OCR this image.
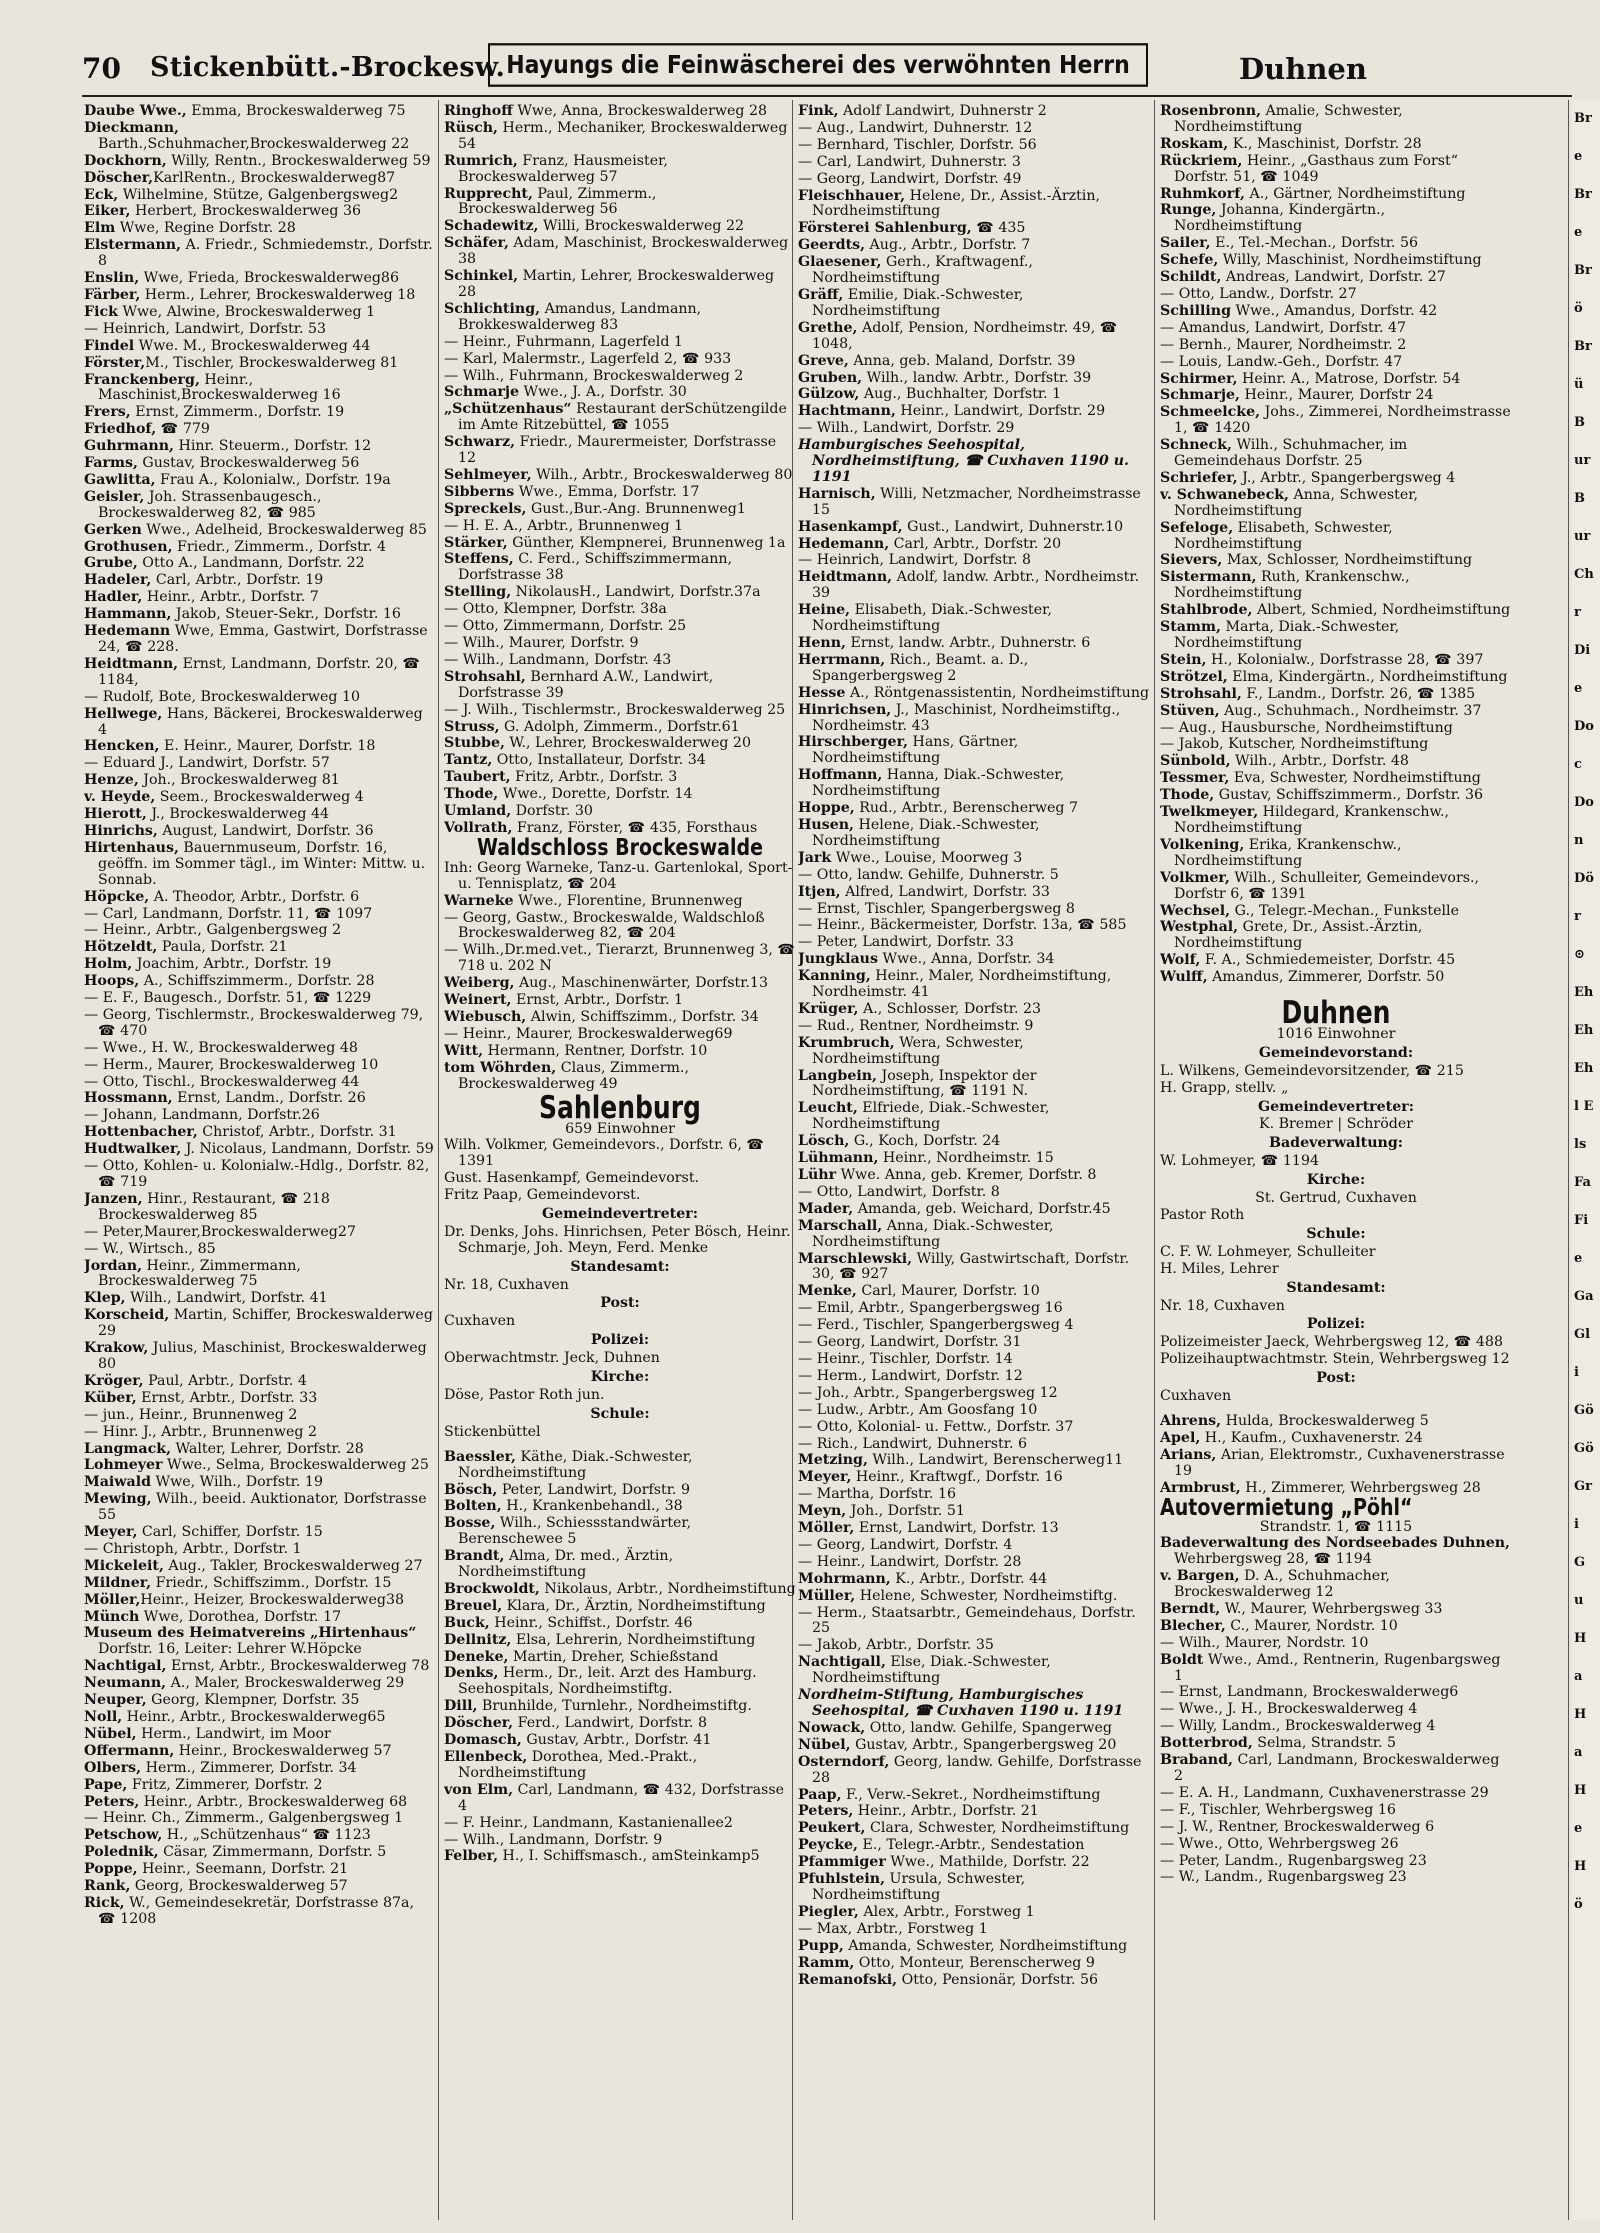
70 Stickenbütt.-Brockesw. Hayungs die Feinwäscherei des verwöhnten Herrn	Duhnen
Daube Wwe., Emma, Brockeswalderweg 75
Dieckmann, Barth.,Schuhmacher,Brockeswalderweg 22
Dockhorn, Willy, Rentn., Brockeswalderweg 59
Döscher,KarlRentn., Brockeswalderweg87
Eck, Wilhelmine, Stütze, Galgenbergsweg2
Eiker, Herbert, Brockeswalderweg 36
Elm Wwe, Regine Dorfstr. 28
Elstermann, A. Friedr., Schmiedemstr., Dorfstr. 8
Enslin, Wwe, Frieda, Brockeswalderweg86
Färber, Herm., Lehrer, Brockeswalderweg 18
Fick Wwe, Alwine, Brockeswalderweg 1
— Heinrich, Landwirt, Dorfstr. 53
Findel Wwe. M., Brockeswalderweg 44
Förster,M., Tischler, Brockeswalderweg 81
Franckenberg, Heinr., Maschinist,Brockeswalderweg 16
Frers, Ernst, Zimmerm., Dorfstr. 19
Friedhof, ☎ 779
Guhrmann, Hinr. Steuerm., Dorfstr. 12
Farms, Gustav, Brockeswalderweg 56
Gawlitta, Frau A., Kolonialw., Dorfstr. 19a
Geisler, Joh. Strassenbaugesch., Brockeswalderweg 82, ☎ 985
Gerken Wwe., Adelheid, Brockeswalderweg 85
Grothusen, Friedr., Zimmerm., Dorfstr. 4
Grube, Otto A., Landmann, Dorfstr. 22
Hadeler, Carl, Arbtr., Dorfstr. 19
Hadler, Heinr., Arbtr., Dorfstr. 7
Hammann, Jakob, Steuer-Sekr., Dorfstr. 16
Hedemann Wwe, Emma, Gastwirt, Dorfstrasse 24, ☎ 228.
Heidtmann, Ernst, Landmann, Dorfstr. 20, ☎ 1184,
— Rudolf, Bote, Brockeswalderweg 10
Hellwege, Hans, Bäckerei, Brockeswalderweg 4
Hencken, E. Heinr., Maurer, Dorfstr. 18
— Eduard J., Landwirt, Dorfstr. 57
Henze, Joh., Brockeswalderweg 81
v. Heyde, Seem., Brockeswalderweg 4
Hierott, J., Brockeswalderweg 44
Hinrichs, August, Landwirt, Dorfstr. 36
Hirtenhaus, Bauernmuseum, Dorfstr. 16, geöffn. im Sommer tägl., im Winter: Mittw. u. Sonnab.
Höpcke, A. Theodor, Arbtr., Dorfstr. 6
— Carl, Landmann, Dorfstr. 11, ☎ 1097
— Heinr., Arbtr., Galgenbergsweg 2
Hötzeldt, Paula, Dorfstr. 21
Holm, Joachim, Arbtr., Dorfstr. 19
Hoops, A., Schiffszimmerm., Dorfstr. 28
— E. F., Baugesch., Dorfstr. 51, ☎ 1229
— Georg, Tischlermstr., Brockeswalderweg 79, ☎ 470
— Wwe., H. W., Brockeswalderweg 48
— Herm., Maurer, Brockeswalderweg 10
— Otto, Tischl., Brockeswalderweg 44
Hossmann, Ernst, Landm., Dorfstr. 26
— Johann, Landmann, Dorfstr.26
Hottenbacher, Christof, Arbtr., Dorfstr. 31
Hudtwalker, J. Nicolaus, Landmann, Dorfstr. 59
— Otto, Kohlen- u. Kolonialw.-Hdlg., Dorfstr. 82, ☎ 719
Janzen, Hinr., Restaurant, ☎ 218 Brockeswalderweg 85
— Peter,Maurer,Brockeswalderweg27
— W., Wirtsch., 85
Jordan, Heinr., Zimmermann, Brockeswalderweg 75
Klep, Wilh., Landwirt, Dorfstr. 41
Korscheid, Martin, Schiffer, Brockeswalderweg 29
Krakow, Julius, Maschinist, Brockeswalderweg 80
Kröger, Paul, Arbtr., Dorfstr. 4
Küber, Ernst, Arbtr., Dorfstr. 33
— jun., Heinr., Brunnenweg 2
— Hinr. J., Arbtr., Brunnenweg 2
Langmack, Walter, Lehrer, Dorfstr. 28
Lohmeyer Wwe., Selma, Brockeswalderweg 25
Maiwald Wwe, Wilh., Dorfstr. 19
Mewing, Wilh., beeid. Auktionator, Dorfstrasse 55
Meyer, Carl, Schiffer, Dorfstr. 15
— Christoph, Arbtr., Dorfstr. 1
Mickeleit, Aug., Takler, Brockeswalderweg 27
Mildner, Friedr., Schiffszimm., Dorfstr. 15
Möller,Heinr., Heizer, Brockeswalderweg38
Münch Wwe, Dorothea, Dorfstr. 17
Museum des Heimatvereins „Hirtenhaus“ Dorfstr. 16, Leiter: Lehrer W.Höpcke
Nachtigal, Ernst, Arbtr., Brockeswalderweg 78
Neumann, A., Maler, Brockeswalderweg 29
Neuper, Georg, Klempner, Dorfstr. 35
Noll, Heinr., Arbtr., Brockeswalderweg65
Nübel, Herm., Landwirt, im Moor
Offermann, Heinr., Brockeswalderweg 57
Olbers, Herm., Zimmerer, Dorfstr. 34
Pape, Fritz, Zimmerer, Dorfstr. 2
Peters, Heinr., Arbtr., Brockeswalderweg 68
— Heinr. Ch., Zimmerm., Galgenbergsweg 1
Petschow, H., „Schützenhaus“ ☎ 1123
Polednik, Cäsar, Zimmermann, Dorfstr. 5
Poppe, Heinr., Seemann, Dorfstr. 21
Rank, Georg, Brockeswalderweg 57
Rick, W., Gemeindesekretär, Dorfstrasse 87a, ☎ 1208
Ringhoff Wwe, Anna, Brockeswalderweg 28
Rüsch, Herm., Mechaniker, Brockeswalderweg 54
Rumrich, Franz, Hausmeister, Brockeswalderweg 57
Rupprecht, Paul, Zimmerm., Brockeswalderweg 56
Schadewitz, Willi, Brockeswalderweg 22
Schäfer, Adam, Maschinist, Brockeswalderweg 38
Schinkel, Martin, Lehrer, Brockeswalderweg 28
Schlichting, Amandus, Landmann, Brokkeswalderweg 83
— Heinr., Fuhrmann, Lagerfeld 1
— Karl, Malermstr., Lagerfeld 2, ☎ 933
— Wilh., Fuhrmann, Brockeswalderweg 2
Schmarje Wwe., J. A., Dorfstr. 30
„Schützenhaus“ Restaurant derSchützengilde im Amte Ritzebüttel, ☎ 1055
Schwarz, Friedr., Maurermeister, Dorfstrasse 12
Sehlmeyer, Wilh., Arbtr., Brockeswalderweg 80
Sibberns Wwe., Emma, Dorfstr. 17
Spreckels, Gust.,Bur.-Ang. Brunnenweg1
— H. E. A., Arbtr., Brunnenweg 1
Stärker, Günther, Klempnerei, Brunnenweg 1a
Steffens, C. Ferd., Schiffszimmermann, Dorfstrasse 38
Stelling, NikolausH., Landwirt, Dorfstr.37a
— Otto, Klempner, Dorfstr. 38a
— Otto, Zimmermann, Dorfstr. 25
— Wilh., Maurer, Dorfstr. 9
— Wilh., Landmann, Dorfstr. 43
Strohsahl, Bernhard A.W., Landwirt, Dorfstrasse 39
— J. Wilh., Tischlermstr., Brockeswalderweg 25
Struss, G. Adolph, Zimmerm., Dorfstr.61
Stubbe, W., Lehrer, Brockeswalderweg 20
Tantz, Otto, Installateur, Dorfstr. 34
Taubert, Fritz, Arbtr., Dorfstr. 3
Thode, Wwe., Dorette, Dorfstr. 14
Umland, Dorfstr. 30
Vollrath, Franz, Förster, ☎ 435, Forsthaus
Waldschloss Brockeswalde
Inh: Georg Warneke, Tanz-u. Gartenlokal, Sport- u. Tennisplatz, ☎ 204
Warneke Wwe., Florentine, Brunnenweg
— Georg, Gastw., Brockeswalde, Waldschloß Brockeswalderweg 82, ☎ 204
— Wilh.,Dr.med.vet., Tierarzt, Brunnenweg 3, ☎ 718 u. 202 N
Weiberg, Aug., Maschinenwärter, Dorfstr.13
Weinert, Ernst, Arbtr., Dorfstr. 1
Wiebusch, Alwin, Schiffszimm., Dorfstr. 34
— Heinr., Maurer, Brockeswalderweg69
Witt, Hermann, Rentner, Dorfstr. 10
tom Wöhrden, Claus, Zimmerm., Brockeswalderweg 49
Sahlenburg
659 Einwohner
Wilh. Volkmer, Gemeindevors., Dorfstr. 6, ☎ 1391
Gust. Hasenkampf, Gemeindevorst.
Fritz Paap, Gemeindevorst.
Gemeindevertreter:
Dr. Denks, Johs. Hinrichsen, Peter Bösch, Heinr. Schmarje, Joh. Meyn, Ferd. Menke
Standesamt:
Nr. 18, Cuxhaven
Post:
Cuxhaven
Polizei:
Oberwachtmstr. Jeck, Duhnen
Kirche:
Döse, Pastor Roth jun.
Schule:
Stickenbüttel
Baessler, Käthe, Diak.-Schwester, Nordheimstiftung
Bösch, Peter, Landwirt, Dorfstr. 9
Bolten, H., Krankenbehandl., 38
Bosse, Wilh., Schiessstandwärter, Berenschewee 5
Brandt, Alma, Dr. med., Ärztin, Nordheimstiftung
Brockwoldt, Nikolaus, Arbtr., Nordheimstiftung
Breuel, Klara, Dr., Ärztin, Nordheimstiftung
Buck, Heinr., Schiffst., Dorfstr. 46
Dellnitz, Elsa, Lehrerin, Nordheimstiftung
Deneke, Martin, Dreher, Schießstand
Denks, Herm., Dr., leit. Arzt des Hamburg. Seehospitals, Nordheimstiftg.
Dill, Brunhilde, Turnlehr., Nordheimstiftg.
Döscher, Ferd., Landwirt, Dorfstr. 8
Domasch, Gustav, Arbtr., Dorfstr. 41
Ellenbeck, Dorothea, Med.-Prakt., Nordheimstiftung
von Elm, Carl, Landmann, ☎ 432, Dorfstrasse 4
— F. Heinr., Landmann, Kastanienallee2
— Wilh., Landmann, Dorfstr. 9
Felber, H., I. Schiffsmasch., amSteinkamp5
Fink, Adolf Landwirt, Duhnerstr 2
— Aug., Landwirt, Duhnerstr. 12
— Bernhard, Tischler, Dorfstr. 56
— Carl, Landwirt, Duhnerstr. 3
— Georg, Landwirt, Dorfstr. 49
Fleischhauer, Helene, Dr., Assist.-Ärztin, Nordheimstiftung
Försterei Sahlenburg, ☎ 435
Geerdts, Aug., Arbtr., Dorfstr. 7
Glaesener, Gerh., Kraftwagenf., Nordheimstiftung
Gräff, Emilie, Diak.-Schwester, Nordheimstiftung
Grethe, Adolf, Pension, Nordheimstr. 49, ☎ 1048,
Greve, Anna, geb. Maland, Dorfstr. 39
Gruben, Wilh., landw. Arbtr., Dorfstr. 39
Gülzow, Aug., Buchhalter, Dorfstr. 1
Hachtmann, Heinr., Landwirt, Dorfstr. 29
— Wilh., Landwirt, Dorfstr. 29
Hamburgisches Seehospital, Nordheimstiftung, ☎ Cuxhaven 1190 u. 1191
Harnisch, Willi, Netzmacher, Nordheimstrasse 15
Hasenkampf, Gust., Landwirt, Duhnerstr.10
Hedemann, Carl, Arbtr., Dorfstr. 20
— Heinrich, Landwirt, Dorfstr. 8
Heidtmann, Adolf, landw. Arbtr., Nordheimstr. 39
Heine, Elisabeth, Diak.-Schwester, Nordheimstiftung
Henn, Ernst, landw. Arbtr., Duhnerstr. 6
Herrmann, Rich., Beamt. a. D., Spangerbergsweg 2
Hesse A., Röntgenassistentin, Nordheimstiftung
Hinrichsen, J., Maschinist, Nordheimstiftg., Nordheimstr. 43
Hirschberger, Hans, Gärtner, Nordheimstiftung
Hoffmann, Hanna, Diak.-Schwester, Nordheimstiftung
Hoppe, Rud., Arbtr., Berenscherweg 7
Husen, Helene, Diak.-Schwester, Nordheimstiftung
Jark Wwe., Louise, Moorweg 3
— Otto, landw. Gehilfe, Duhnerstr. 5
Itjen, Alfred, Landwirt, Dorfstr. 33
— Ernst, Tischler, Spangerbergsweg 8
— Heinr., Bäckermeister, Dorfstr. 13a, ☎ 585
— Peter, Landwirt, Dorfstr. 33
Jungklaus Wwe., Anna, Dorfstr. 34
Kanning, Heinr., Maler, Nordheimstiftung, Nordheimstr. 41
Krüger, A., Schlosser, Dorfstr. 23
— Rud., Rentner, Nordheimstr. 9
Krumbruch, Wera, Schwester, Nordheimstiftung
Langbein, Joseph, Inspektor der Nordheimstiftung, ☎ 1191 N.
Leucht, Elfriede, Diak.-Schwester, Nordheimstiftung
Lösch, G., Koch, Dorfstr. 24
Lühmann, Heinr., Nordheimstr. 15
Lühr Wwe. Anna, geb. Kremer, Dorfstr. 8
— Otto, Landwirt, Dorfstr. 8
Mader, Amanda, geb. Weichard, Dorfstr.45
Marschall, Anna, Diak.-Schwester, Nordheimstiftung
Marschlewski, Willy, Gastwirtschaft, Dorfstr. 30, ☎ 927
Menke, Carl, Maurer, Dorfstr. 10
— Emil, Arbtr., Spangerbergsweg 16
— Ferd., Tischler, Spangerbergsweg 4
— Georg, Landwirt, Dorfstr. 31
— Heinr., Tischler, Dorfstr. 14
— Herm., Landwirt, Dorfstr. 12
— Joh., Arbtr., Spangerbergsweg 12
— Ludw., Arbtr., Am Goosfang 10
— Otto, Kolonial- u. Fettw., Dorfstr. 37
— Rich., Landwirt, Duhnerstr. 6
Metzing, Wilh., Landwirt, Berenscherweg11
Meyer, Heinr., Kraftwgf., Dorfstr. 16
— Martha, Dorfstr. 16
Meyn, Joh., Dorfstr. 51
Möller, Ernst, Landwirt, Dorfstr. 13
— Georg, Landwirt, Dorfstr. 4
— Heinr., Landwirt, Dorfstr. 28
Mohrmann, K., Arbtr., Dorfstr. 44
Müller, Helene, Schwester, Nordheimstiftg.
— Herm., Staatsarbtr., Gemeindehaus, Dorfstr. 25
— Jakob, Arbtr., Dorfstr. 35
Nachtigall, Else, Diak.-Schwester, Nordheimstiftung
Nordheim-Stiftung, Hamburgisches Seehospital, ☎ Cuxhaven 1190 u. 1191
Nowack, Otto, landw. Gehilfe, Spangerweg
Nübel, Gustav, Arbtr., Spangerbergsweg 20
Osterndorf, Georg, landw. Gehilfe, Dorfstrasse 28
Paap, F., Verw.-Sekret., Nordheimstiftung
Peters, Heinr., Arbtr., Dorfstr. 21
Peukert, Clara, Schwester, Nordheimstiftung
Peycke, E., Telegr.-Arbtr., Sendestation
Pfammiger Wwe., Mathilde, Dorfstr. 22
Pfuhlstein, Ursula, Schwester, Nordheimstiftung
Piegler, Alex, Arbtr., Forstweg 1
— Max, Arbtr., Forstweg 1
Pupp, Amanda, Schwester, Nordheimstiftung
Ramm, Otto, Monteur, Berenscherweg 9
Remanofski, Otto, Pensionär, Dorfstr. 56
Rosenbronn, Amalie, Schwester, Nordheimstiftung
Roskam, K., Maschinist, Dorfstr. 28
Rückriem, Heinr., „Gasthaus zum Forst“ Dorfstr. 51, ☎ 1049
Ruhmkorf, A., Gärtner, Nordheimstiftung
Runge, Johanna, Kindergärtn., Nordheimstiftung
Sailer, E., Tel.-Mechan., Dorfstr. 56
Schefe, Willy, Maschinist, Nordheimstiftung
Schildt, Andreas, Landwirt, Dorfstr. 27
— Otto, Landw., Dorfstr. 27
Schilling Wwe., Amandus, Dorfstr. 42
— Amandus, Landwirt, Dorfstr. 47
— Bernh., Maurer, Nordheimstr. 2
— Louis, Landw.-Geh., Dorfstr. 47
Schirmer, Heinr. A., Matrose, Dorfstr. 54
Schmarje, Heinr., Maurer, Dorfstr 24
Schmeelcke, Johs., Zimmerei, Nordheimstrasse 1, ☎ 1420
Schneck, Wilh., Schuhmacher, im Gemeindehaus Dorfstr. 25
Schriefer, J., Arbtr., Spangerbergsweg 4
v. Schwanebeck, Anna, Schwester, Nordheimstiftung
Sefeloge, Elisabeth, Schwester, Nordheimstiftung
Sievers, Max, Schlosser, Nordheimstiftung
Sistermann, Ruth, Krankenschw., Nordheimstiftung
Stahlbrode, Albert, Schmied, Nordheimstiftung
Stamm, Marta, Diak.-Schwester, Nordheimstiftung
Stein, H., Kolonialw., Dorfstrasse 28, ☎ 397
Strötzel, Elma, Kindergärtn., Nordheimstiftung
Strohsahl, F., Landm., Dorfstr. 26, ☎ 1385
Stüven, Aug., Schuhmach., Nordheimstr. 37
— Aug., Hausbursche, Nordheimstiftung
— Jakob, Kutscher, Nordheimstiftung
Sünbold, Wilh., Arbtr., Dorfstr. 48
Tessmer, Eva, Schwester, Nordheimstiftung
Thode, Gustav, Schiffszimmerm., Dorfstr. 36
Twelkmeyer, Hildegard, Krankenschw., Nordheimstiftung
Volkening, Erika, Krankenschw., Nordheimstiftung
Volkmer, Wilh., Schulleiter, Gemeindevors., Dorfstr 6, ☎ 1391
Wechsel, G., Telegr.-Mechan., Funkstelle
Westphal, Grete, Dr., Assist.-Ärztin, Nordheimstiftung
Wolf, F. A., Schmiedemeister, Dorfstr. 45
Wulff, Amandus, Zimmerer, Dorfstr. 50
Duhnen
1016 Einwohner
Gemeindevorstand:
L. Wilkens, Gemeindevorsitzender, ☎ 215
H. Grapp, stellv. „
Gemeindevertreter:
K. Bremer | Schröder
Badeverwaltung:
W. Lohmeyer, ☎ 1194
Kirche:
St. Gertrud, Cuxhaven
Pastor Roth
Schule:
C. F. W. Lohmeyer, Schulleiter
H. Miles, Lehrer
Standesamt:
Nr. 18, Cuxhaven
Polizei:
Polizeimeister Jaeck, Wehrbergsweg 12, ☎ 488
Polizeihauptwachtmstr. Stein, Wehrbergsweg 12
Post:
Cuxhaven
Ahrens, Hulda, Brockeswalderweg 5
Apel, H., Kaufm., Cuxhavenerstr. 24
Arians, Arian, Elektromstr., Cuxhavenerstrasse 19
Armbrust, H., Zimmerer, Wehrbergsweg 28
Autovermietung „Pöhl“
Strandstr. 1, ☎ 1115
Badeverwaltung des Nordseebades Duhnen, Wehrbergsweg 28, ☎ 1194
v. Bargen, D. A., Schuhmacher, Brockeswalderweg 12
Berndt, W., Maurer, Wehrbergsweg 33
Blecher, C., Maurer, Nordstr. 10
— Wilh., Maurer, Nordstr. 10
Boldt Wwe., Amd., Rentnerin, Rugenbargsweg 1
— Ernst, Landmann, Brockeswalderweg6
— Wwe., J. H., Brockeswalderweg 4
— Willy, Landm., Brockeswalderweg 4
Botterbrod, Selma, Strandstr. 5
Braband, Carl, Landmann, Brockeswalderweg 2
— E. A. H., Landmann, Cuxhavenerstrasse 29
— F., Tischler, Wehrbergsweg 16
— J. W., Rentner, Brockeswalderweg 6
— Wwe., Otto, Wehrbergsweg 26
— Peter, Landm., Rugenbargsweg 23
— W., Landm., Rugenbargsweg 23
Bre Bre Brö Brü Bur Bur Chr Die Doc Don Dör ⊙ Eh Eh Ehl Els Fa Fie Ga Gli Gö Gö Gri Gu Ha Ha He Hö
